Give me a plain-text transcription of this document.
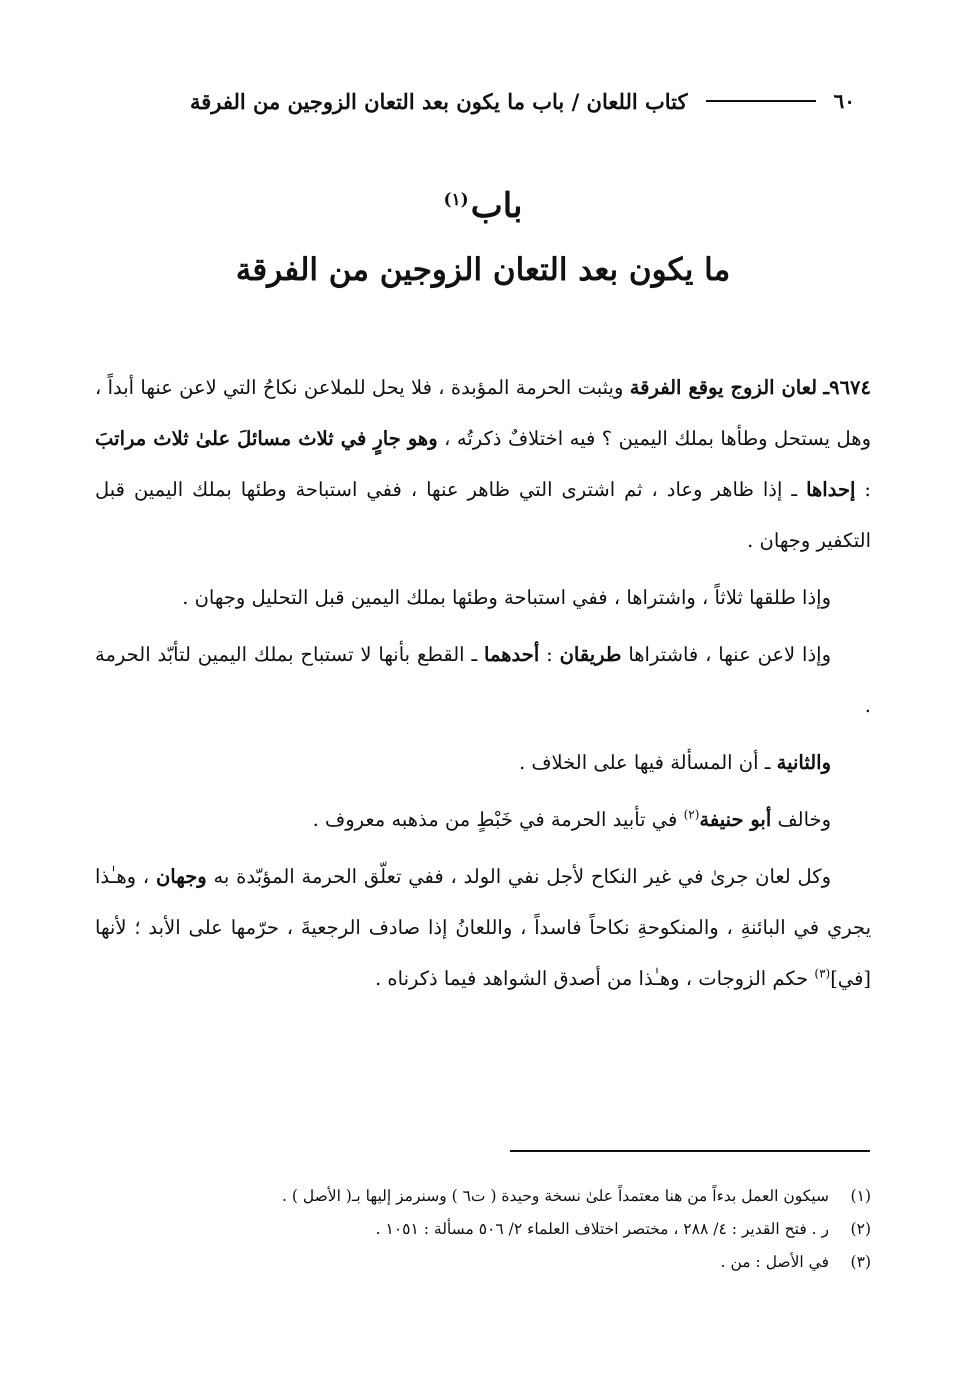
٦٠
كتاب اللعان / باب ما يكون بعد التعان الزوجين من الفرقة
باب$^{(١)}$
ما يكون بعد التعان الزوجين من الفرقة

٩٦٧٤ـ لعان الزوج يوقع الفرقة ويثبت الحرمة المؤبدة ، فلا يحل للملاعن نكاحُ التي لاعن عنها أبداً ، وهل يستحل وطأها بملك اليمين ؟ فيه اختلافٌ ذكرتُه ، وهو جارٍ في ثلاث مسائلَ علىٰ ثلاث مراتبَ : إحداها ـ إذا ظاهر وعاد ، ثم اشترى التي ظاهر عنها ، ففي استباحة وطئها بملك اليمين قبل التكفير وجهان .

وإذا طلقها ثلاثاً ، واشتراها ، ففي استباحة وطئها بملك اليمين قبل التحليل وجهان .

وإذا لاعن عنها ، فاشتراها طريقان : أحدهما ـ القطع بأنها لا تستباح بملك اليمين لتأبّد الحرمة .

والثانية ـ أن المسألة فيها على الخلاف .

وخالف أبو حنيفة$^{(٢)}$ في تأبيد الحرمة في خَبْطٍ من مذهبه معروف .

وكل لعان جرىٰ في غير النكاح لأجل نفي الولد ، ففي تعلّق الحرمة المؤبّدة به وجهان ، وهـٰذا يجري في البائنةِ ، والمنكوحةِ نكاحاً فاسداً ، واللعانُ إذا صادف الرجعيةَ ، حرّمها على الأبد ؛ لأنها [في]$^{(٣)}$ حكم الزوجات ، وهـٰذا من أصدق الشواهد فيما ذكرناه .

(١)
سيكون العمل بدءاً من هنا معتمداً علىٰ نسخة وحيدة ( ت٦ ) وسنرمز إليها بـ( الأصل ) .
(٢)
ر . فتح القدير : ٤/ ٢٨٨ ، مختصر اختلاف العلماء ٢/ ٥٠٦ مسألة : ١٠٥١ .
(٣)
في الأصل : من .
